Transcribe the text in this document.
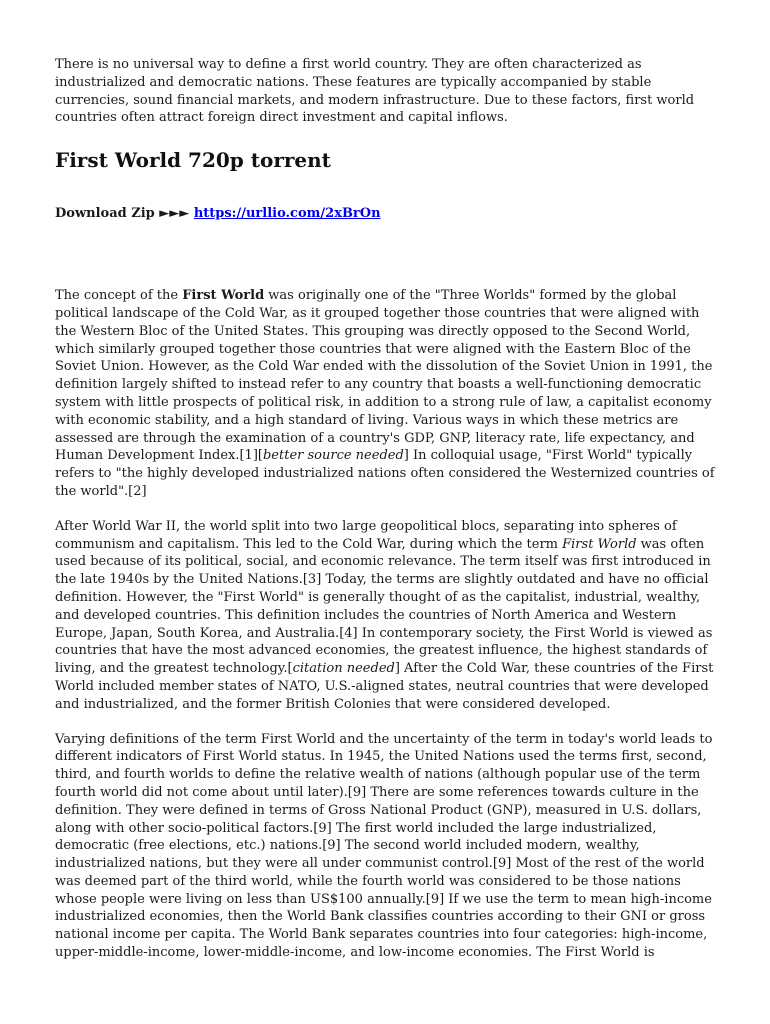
There is no universal way to define a first world country. They are often characterized as industrialized and democratic nations. These features are typically accompanied by stable currencies, sound financial markets, and modern infrastructure. Due to these factors, first world countries often attract foreign direct investment and capital inflows.

First World 720p torrent
Download Zip ►►► https://urllio.com/2xBrOn

The concept of the First World was originally one of the "Three Worlds" formed by the global political landscape of the Cold War, as it grouped together those countries that were aligned with the Western Bloc of the United States. This grouping was directly opposed to the Second World, which similarly grouped together those countries that were aligned with the Eastern Bloc of the Soviet Union. However, as the Cold War ended with the dissolution of the Soviet Union in 1991, the definition largely shifted to instead refer to any country that boasts a well-functioning democratic system with little prospects of political risk, in addition to a strong rule of law, a capitalist economy with economic stability, and a high standard of living. Various ways in which these metrics are assessed are through the examination of a country's GDP, GNP, literacy rate, life expectancy, and Human Development Index.[1][better source needed] In colloquial usage, "First World" typically refers to "the highly developed industrialized nations often considered the Westernized countries of the world".[2]

After World War II, the world split into two large geopolitical blocs, separating into spheres of communism and capitalism. This led to the Cold War, during which the term First World was often used because of its political, social, and economic relevance. The term itself was first introduced in the late 1940s by the United Nations.[3] Today, the terms are slightly outdated and have no official definition. However, the "First World" is generally thought of as the capitalist, industrial, wealthy, and developed countries. This definition includes the countries of North America and Western Europe, Japan, South Korea, and Australia.[4] In contemporary society, the First World is viewed as countries that have the most advanced economies, the greatest influence, the highest standards of living, and the greatest technology.[citation needed] After the Cold War, these countries of the First World included member states of NATO, U.S.-aligned states, neutral countries that were developed and industrialized, and the former British Colonies that were considered developed.

Varying definitions of the term First World and the uncertainty of the term in today's world leads to different indicators of First World status. In 1945, the United Nations used the terms first, second, third, and fourth worlds to define the relative wealth of nations (although popular use of the term fourth world did not come about until later).[9] There are some references towards culture in the definition. They were defined in terms of Gross National Product (GNP), measured in U.S. dollars, along with other socio-political factors.[9] The first world included the large industrialized, democratic (free elections, etc.) nations.[9] The second world included modern, wealthy, industrialized nations, but they were all under communist control.[9] Most of the rest of the world was deemed part of the third world, while the fourth world was considered to be those nations whose people were living on less than US$100 annually.[9] If we use the term to mean high-income industrialized economies, then the World Bank classifies countries according to their GNI or gross national income per capita. The World Bank separates countries into four categories: high-income, upper-middle-income, lower-middle-income, and low-income economies. The First World is
